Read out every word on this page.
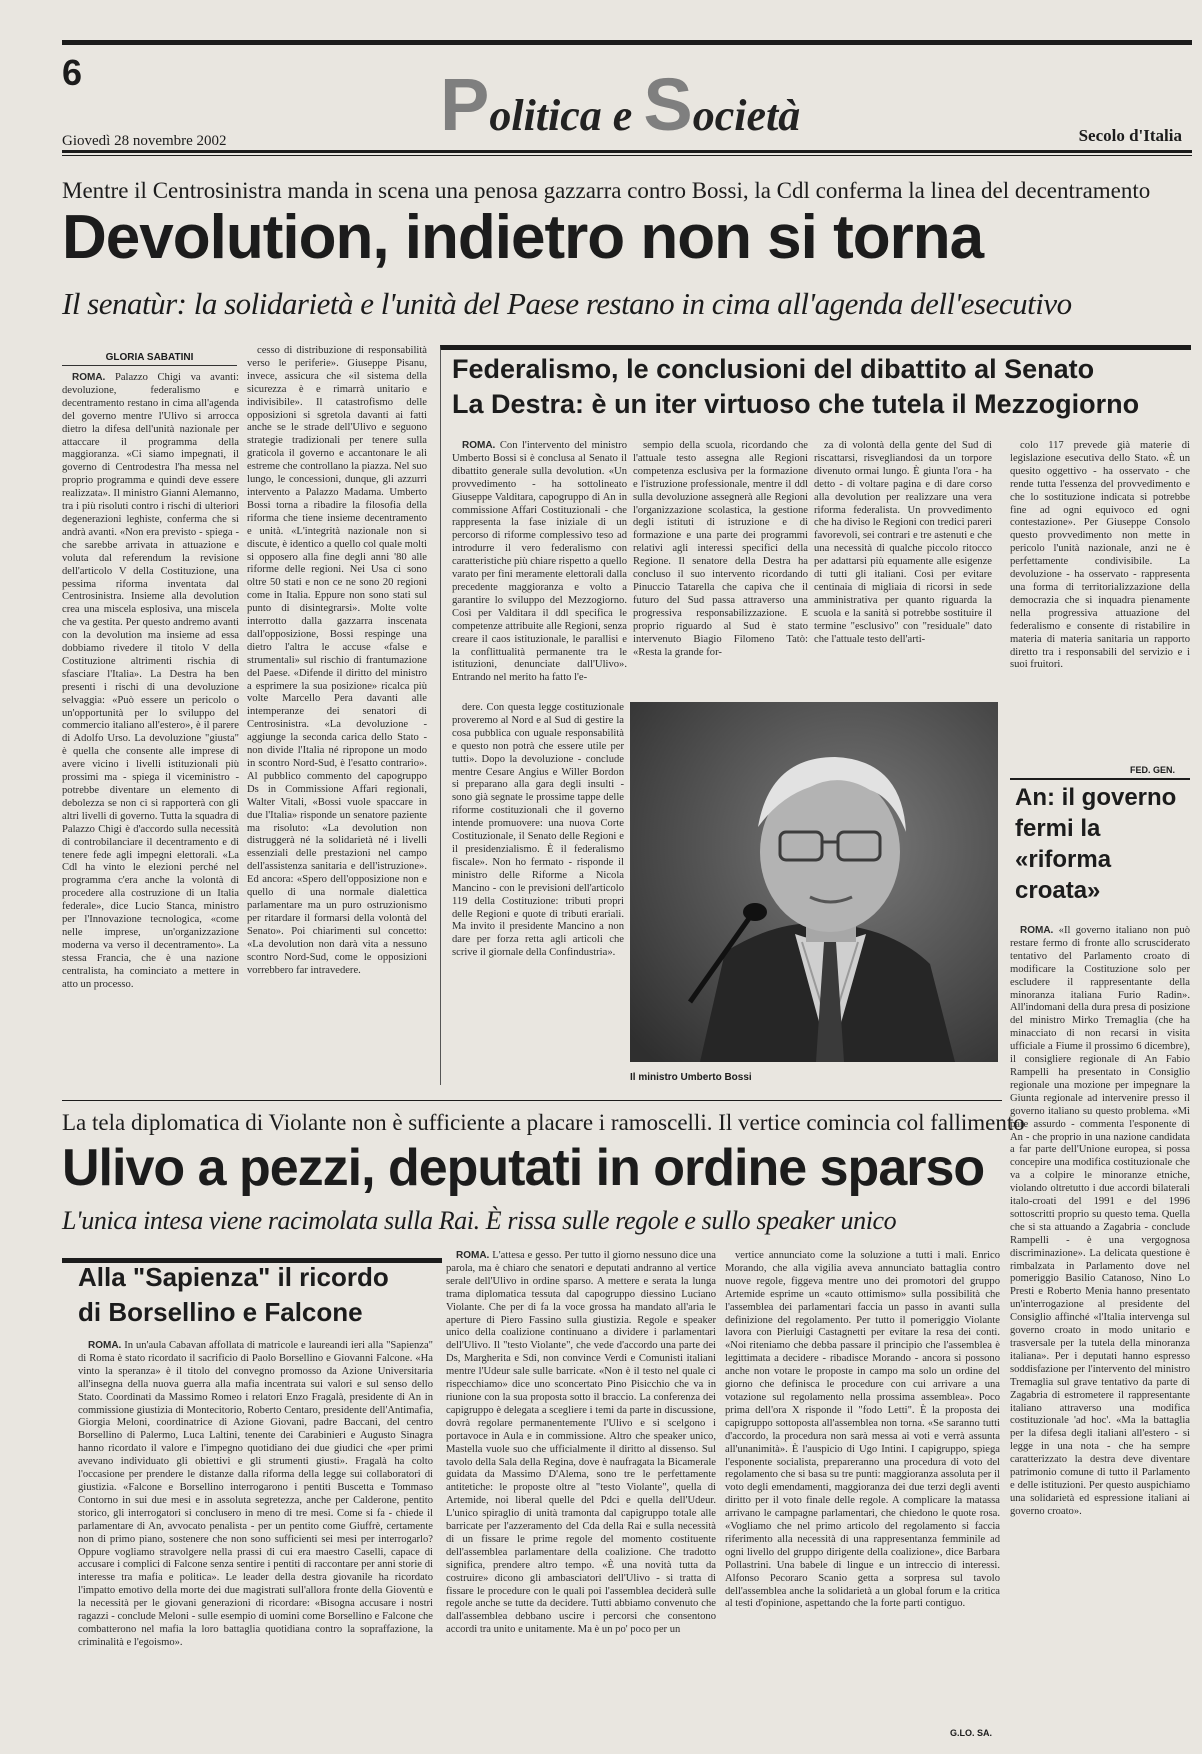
6	Politica e Società
Giovedì 28 novembre 2002	Secolo d'Italia
Mentre il Centrosinistra manda in scena una penosa gazzarra contro Bossi, la Cdl conferma la linea del decentramento
Devolution, indietro non si torna
Il senatùr: la solidarietà e l'unità del Paese restano in cima all'agenda dell'esecutivo
GLORIA SABATINI

ROMA. Palazzo Chigi va avanti: devoluzione, federalismo e decentramento restano in cima all'agenda del governo mentre l'Ulivo si arrocca dietro la difesa dell'unità nazionale per attaccare il programma della maggioranza. «Ci siamo impegnati, il governo di Centrodestra l'ha messa nel proprio programma e quindi deve essere realizzata». Il ministro Gianni Alemanno, tra i più risoluti contro i rischi di ulteriori degenerazioni leghiste, conferma che si andrà avanti. «Non era previsto - spiega - che sarebbe arrivata in attuazione e voluta dal referendum la revisione dell'articolo V della Costituzione, una pessima riforma inventata dal Centrosinistra. Insieme alla devolution crea una miscela esplosiva, una miscela che va gestita. Per questo andremo avanti con la devolution ma insieme ad essa dobbiamo rivedere il titolo V della Costituzione altrimenti rischia di sfasciare l'Italia». La Destra ha ben presenti i rischi di una devoluzione selvaggia: «Può essere un pericolo o un'opportunità per lo sviluppo del commercio italiano all'estero», è il parere di Adolfo Urso. La devoluzione "giusta" è quella che consente alle imprese di avere vicino i livelli istituzionali più prossimi ma - spiega il viceministro - potrebbe diventare un elemento di debolezza se non ci si rapporterà con gli altri livelli di governo. Tutta la squadra di Palazzo Chigi è d'accordo sulla necessità di controbilanciare il decentramento e di tenere fede agli impegni elettorali. «La Cdl ha vinto le elezioni perché nel programma c'era anche la volontà di procedere alla costruzione di un Italia federale», dice Lucio Stanca, ministro per l'Innovazione tecnologica, «come nelle imprese, un'organizzazione moderna va verso il decentramento». La stessa Francia, che è una nazione centralista, ha cominciato a mettere in atto un processo.

cesso di distribuzione di responsabilità verso le periferie». Giuseppe Pisanu, invece, assicura che «il sistema della sicurezza è e rimarrà unitario e indivisibile». Il catastrofismo delle opposizioni si sgretola davanti ai fatti anche se le strade dell'Ulivo e seguono strategie tradizionali per tenere sulla graticola il governo e accantonare le ali estreme che controllano la piazza. Nel suo lungo, le concessioni, dunque, gli azzurri intervento a Palazzo Madama. Umberto Bossi torna a ribadire la filosofia della riforma che tiene insieme decentramento e unità. «L'integrità nazionale non si discute, è identico a quello col quale molti si opposero alla fine degli anni '80 alle riforme delle regioni. Nei Usa ci sono oltre 50 stati e non ce ne sono 20 regioni come in Italia. Eppure non sono stati sul punto di disintegrarsi». Molte volte interrotto dalla gazzarra inscenata dall'opposizione, Bossi respinge una dietro l'altra le accuse «false e strumentali» sul rischio di frantumazione del Paese. «Difende il diritto del ministro a esprimere la sua posizione» ricalca più volte Marcello Pera davanti alle intemperanze dei senatori di Centrosinistra. «La devoluzione - aggiunge la seconda carica dello Stato - non divide l'Italia né ripropone un modo in scontro Nord-Sud, è l'esatto contrario». Al pubblico commento del capogruppo Ds in Commissione Affari regionali, Walter Vitali, «Bossi vuole spaccare in due l'Italia» risponde un senatore paziente ma risoluto: «La devolution non distruggerà né la solidarietà né i livelli essenziali delle prestazioni nel campo dell'assistenza sanitaria e dell'istruzione». Ed ancora: «Spero dell'opposizione non e quello di una normale dialettica parlamentare ma un puro ostruzionismo per ritardare il formarsi della volontà del Senato». Poi chiarimenti sul concetto: «La devolution non darà vita a nessuno scontro Nord-Sud, come le opposizioni vorrebbero far intravedere.

Federalismo, le conclusioni del dibattito al Senato
La Destra: è un iter virtuoso che tutela il Mezzogiorno

ROMA. Con l'intervento del ministro Umberto Bossi si è conclusa al Senato il dibattito generale sulla devolution. «Un provvedimento - ha sottolineato Giuseppe Valditara, capogruppo di An in commissione Affari Costituzionali - che rappresenta la fase iniziale di un percorso di riforme complessivo teso ad introdurre il vero federalismo con caratteristiche più chiare rispetto a quello varato per fini meramente elettorali dalla precedente maggioranza e volto a garantire lo sviluppo del Mezzogiorno. Così per Valditara il ddl specifica le competenze attribuite alle Regioni, senza creare il caos istituzionale, le parallisi e la conflittualità permanente tra le istituzioni, denunciate dall'Ulivo». Entrando nel merito ha fatto l'e-

sempio della scuola, ricordando che l'attuale testo assegna alle Regioni competenza esclusiva per la formazione e l'istruzione professionale, mentre il ddl sulla devoluzione assegnerà alle Regioni l'organizzazione scolastica, la gestione degli istituti di istruzione e di formazione e una parte dei programmi relativi agli interessi specifici della Regione. Il senatore della Destra ha concluso il suo intervento ricordando Pinuccio Tatarella che capiva che il futuro del Sud passa attraverso una progressiva responsabilizzazione. E proprio riguardo al Sud è stato intervenuto Biagio Filomeno Tatò: «Resta la grande for-

za di volontà della gente del Sud di riscattarsi, risvegliandosi da un torpore divenuto ormai lungo. È giunta l'ora - ha detto - di voltare pagina e di dare corso alla devolution per realizzare una vera riforma federalista. Un provvedimento che ha diviso le Regioni con tredici pareri favorevoli, sei contrari e tre astenuti e che una necessità di qualche piccolo ritocco per adattarsi più equamente alle esigenze di tutti gli italiani. Così per evitare centinaia di migliaia di ricorsi in sede amministrativa per quanto riguarda la scuola e la sanità si potrebbe sostituire il termine "esclusivo" con "residuale" dato che l'attuale testo dell'arti-

colo 117 prevede già materie di legislazione esecutiva dello Stato. «È un quesito oggettivo - ha osservato - che rende tutta l'essenza del provvedimento e che lo sostituzione indicata si potrebbe fine ad ogni equivoco ed ogni contestazione». Per Giuseppe Consolo questo provvedimento non mette in pericolo l'unità nazionale, anzi ne è perfettamente condivisibile. La devoluzione - ha osservato - rappresenta una forma di territorializzazione della democrazia che si inquadra pienamente nella progressiva attuazione del federalismo e consente di ristabilire in materia di materia sanitaria un rapporto diretto tra i responsabili del servizio e i suoi fruitori.

FED. GEN.

dere. Con questa legge costituzionale proveremo al Nord e al Sud di gestire la cosa pubblica con uguale responsabilità e questo non potrà che essere utile per tutti». Dopo la devoluzione - conclude mentre Cesare Angius e Willer Bordon si preparano alla gara degli insulti - sono già segnate le prossime tappe delle riforme costituzionali che il governo intende promuovere: una nuova Corte Costituzionale, il Senato delle Regioni e il presidenzialismo. È il federalismo fiscale». Non ho fermato - risponde il ministro delle Riforme a Nicola Mancino - con le previsioni dell'articolo 119 della Costituzione: tributi propri delle Regioni e quote di tributi erariali. Ma invito il presidente Mancino a non dare per forza retta agli articoli che scrive il giornale della Confindustria».

Il ministro Umberto Bossi
An: il governo fermi la «riforma croata»

ROMA. «Il governo italiano non può restare fermo di fronte allo scrusciderato tentativo del Parlamento croato di modificare la Costituzione solo per escludere il rappresentante della minoranza italiana Furio Radin». All'indomani della dura presa di posizione del ministro Mirko Tremaglia (che ha minacciato di non recarsi in visita ufficiale a Fiume il prossimo 6 dicembre), il consigliere regionale di An Fabio Rampelli ha presentato in Consiglio regionale una mozione per impegnare la Giunta regionale ad intervenire presso il governo italiano su questo problema. «Mi pare assurdo - commenta l'esponente di An - che proprio in una nazione candidata a far parte dell'Unione europea, si possa concepire una modifica costituzionale che va a colpire le minoranze etniche, violando oltretutto i due accordi bilaterali italo-croati del 1991 e del 1996 sottoscritti proprio su questo tema. Quella che si sta attuando a Zagabria - conclude Rampelli - è una vergognosa discriminazione». La delicata questione è rimbalzata in Parlamento dove nel pomeriggio Basilio Catanoso, Nino Lo Presti e Roberto Menia hanno presentato un'interrogazione al presidente del Consiglio affinché «l'Italia intervenga sul governo croato in modo unitario e trasversale per la tutela della minoranza italiana». Per i deputati hanno espresso soddisfazione per l'intervento del ministro Tremaglia sul grave tentativo da parte di Zagabria di estrometere il rappresentante italiano attraverso una modifica costituzionale 'ad hoc'. «Ma la battaglia per la difesa degli italiani all'estero - si legge in una nota - che ha sempre caratterizzato la destra deve diventare patrimonio comune di tutto il Parlamento e delle istituzioni. Per questo auspichiamo una solidarietà ed espressione italiani ai governo croato».

La tela diplomatica di Violante non è sufficiente a placare i ramoscelli. Il vertice comincia col fallimento
Ulivo a pezzi, deputati in ordine sparso
L'unica intesa viene racimolata sulla Rai. È rissa sulle regole e sullo speaker unico

ROMA. L'attesa e gesso. Per tutto il giorno nessuno dice una parola, ma è chiaro che senatori e deputati andranno al vertice serale dell'Ulivo in ordine sparso. A mettere e serata la lunga trama diplomatica tessuta dal capogruppo diessino Luciano Violante. Che per di fa la voce grossa ha mandato all'aria le aperture di Piero Fassino sulla giustizia. Regole e speaker unico della coalizione continuano a dividere i parlamentari dell'Ulivo. Il "testo Violante", che vede d'accordo una parte dei Ds, Margherita e Sdi, non convince Verdi e Comunisti italiani mentre l'Udeur sale sulle barricate. «Non è il testo nel quale ci rispecchiamo» dice uno sconcertato Pino Pisicchio che va in riunione con la sua proposta sotto il braccio. La conferenza dei capigruppo è delegata a scegliere i temi da parte in discussione, dovrà regolare permanentemente l'Ulivo e si scelgono i portavoce in Aula e in commissione. Altro che speaker unico, Mastella vuole suo che ufficialmente il diritto al dissenso. Sul tavolo della Sala della Regina, dove è naufragata la Bicamerale guidata da Massimo D'Alema, sono tre le perfettamente antitetiche: le proposte oltre al "testo Violante", quella di Artemide, noi liberal quelle del Pdci e quella dell'Udeur. L'unico spiraglio di unità tramonta dal capigruppo totale alle barricate per l'azzeramento del Cda della Rai e sulla necessità di un fissare le prime regole del momento costituente dell'assemblea parlamentare della coalizione. Che tradotto significa, prendere altro tempo. «È una novità tutta da costruire» dicono gli ambasciatori dell'Ulivo - si tratta di fissare le procedure con le quali poi l'assemblea deciderà sulle regole anche se tutte da decidere. Tutti abbiamo convenuto che dall'assemblea debbano uscire i percorsi che consentono accordi tra unito e unitamente. Ma è un po' poco per un

vertice annunciato come la soluzione a tutti i mali. Enrico Morando, che alla vigilia aveva annunciato battaglia contro nuove regole, figgeva mentre uno dei promotori del gruppo Artemide esprime un «cauto ottimismo» sulla possibilità che l'assemblea dei parlamentari faccia un passo in avanti sulla definizione del regolamento. Per tutto il pomeriggio Violante lavora con Pierluigi Castagnetti per evitare la resa dei conti. «Noi riteniamo che debba passare il principio che l'assemblea è legittimata a decidere - ribadisce Morando - ancora si possono anche non votare le proposte in campo ma solo un ordine del giorno che definisca le procedure con cui arrivare a una votazione sul regolamento nella prossima assemblea». Poco prima dell'ora X risponde il "fodo Letti". È la proposta dei capigruppo sottoposta all'assemblea non torna. «Se saranno tutti d'accordo, la procedura non sarà messa ai voti e verrà assunta all'unanimità». È l'auspicio di Ugo Intini. I capigruppo, spiega l'esponente socialista, prepareranno una procedura di voto del regolamento che si basa su tre punti: maggioranza assoluta per il voto degli emendamenti, maggioranza dei due terzi degli aventi diritto per il voto finale delle regole. A complicare la matassa arrivano le campagne parlamentari, che chiedono le quote rosa. «Vogliamo che nel primo articolo del regolamento si faccia riferimento alla necessità di una rappresentanza femminile ad ogni livello del gruppo dirigente della coalizione», dice Barbara Pollastrini. Una babele di lingue e un intreccio di interessi. Alfonso Pecoraro Scanio getta a sorpresa sul tavolo dell'assemblea anche la solidarietà a un global forum e la critica al testi d'opinione, aspettando che la forte parti contiguo.

G.LO. SA.
Alla "Sapienza" il ricordo
di Borsellino e Falcone

ROMA. In un'aula Cabavan affollata di matricole e laureandi ieri alla "Sapienza" di Roma è stato ricordato il sacrificio di Paolo Borsellino e Giovanni Falcone. «Ha vinto la speranza» è il titolo del convegno promosso da Azione Universitaria all'insegna della nuova guerra alla mafia incentrata sui valori e sul senso dello Stato. Coordinati da Massimo Romeo i relatori Enzo Fragalà, presidente di An in commissione giustizia di Montecitorio, Roberto Centaro, presidente dell'Antimafia, Giorgia Meloni, coordinatrice di Azione Giovani, padre Baccani, del centro Borsellino di Palermo, Luca Laltini, tenente dei Carabinieri e Augusto Sinagra hanno ricordato il valore e l'impegno quotidiano dei due giudici che «per primi avevano individuato gli obiettivi e gli strumenti giusti». Fragalà ha colto l'occasione per prendere le distanze dalla riforma della legge sui collaboratori di giustizia. «Falcone e Borsellino interrogarono i pentiti Buscetta e Tommaso Contorno in sui due mesi e in assoluta segretezza, anche per Calderone, pentito storico, gli interrogatori si conclusero in meno di tre mesi. Come si fa - chiede il parlamentare di An, avvocato penalista - per un pentito come Giuffrè, certamente non di primo piano, sostenere che non sono sufficienti sei mesi per interrogarlo? Oppure vogliamo stravolgere nella prassi di cui era maestro Caselli, capace di accusare i complici di Falcone senza sentire i pentiti di raccontare per anni storie di interesse tra mafia e politica». Le leader della destra giovanile ha ricordato l'impatto emotivo della morte dei due magistrati sull'allora fronte della Gioventù e la necessità per le giovani generazioni di ricordare: «Bisogna accusare i nostri ragazzi - conclude Meloni - sulle esempio di uomini come Borsellino e Falcone che combatterono nel mafia la loro battaglia quotidiana contro la sopraffazione, la criminalità e l'egoismo».
